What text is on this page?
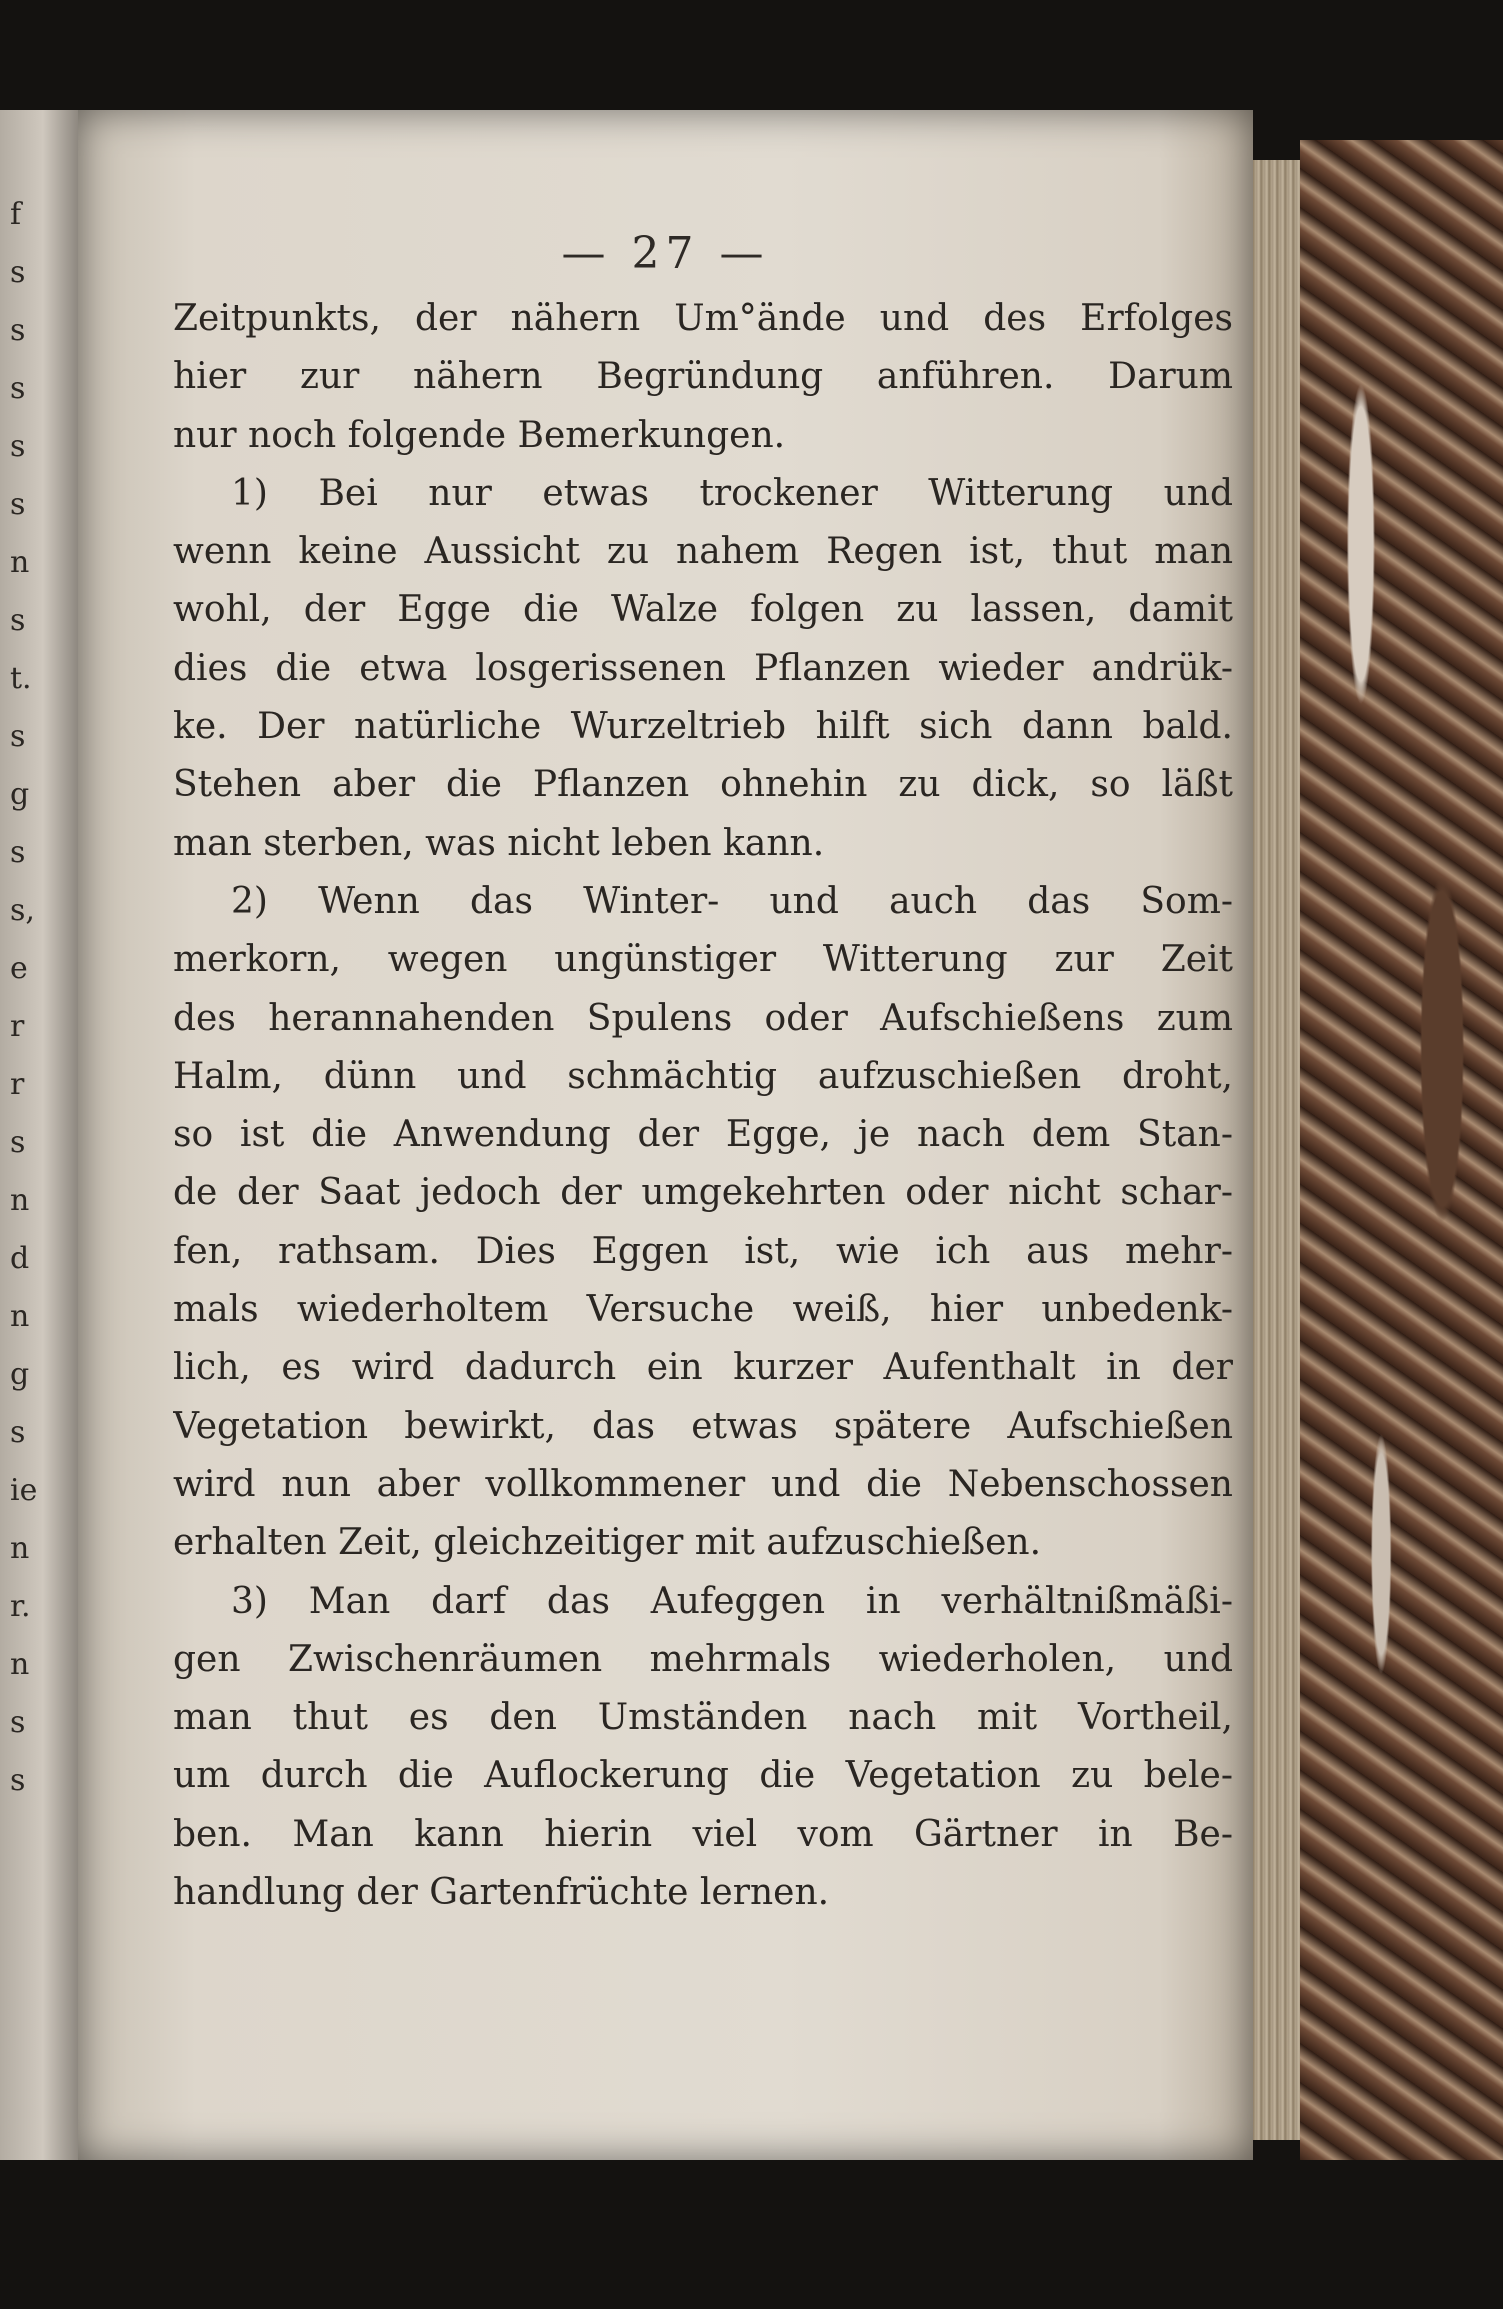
f
s
s
s
s
s
n
s
t.
s
g
s
s,
e
r
r
s
n
d
n
g
s
ie
n
r.
n
s
s
— 27 —
Zeitpunkts, der nähern Um°ände und des Erfolges
hier zur nähern Begründung anführen. Darum
nur noch folgende Bemerkungen.
1) Bei nur etwas trockener Witterung und
wenn keine Aussicht zu nahem Regen ist, thut man
wohl, der Egge die Walze folgen zu lassen, damit
dies die etwa losgerissenen Pflanzen wieder andrük-
ke. Der natürliche Wurzeltrieb hilft sich dann bald.
Stehen aber die Pflanzen ohnehin zu dick, so läßt
man sterben, was nicht leben kann.
2) Wenn das Winter- und auch das Som-
merkorn, wegen ungünstiger Witterung zur Zeit
des herannahenden Spulens oder Aufschießens zum
Halm, dünn und schmächtig aufzuschießen droht,
so ist die Anwendung der Egge, je nach dem Stan-
de der Saat jedoch der umgekehrten oder nicht schar-
fen, rathsam. Dies Eggen ist, wie ich aus mehr-
mals wiederholtem Versuche weiß, hier unbedenk-
lich, es wird dadurch ein kurzer Aufenthalt in der
Vegetation bewirkt, das etwas spätere Aufschießen
wird nun aber vollkommener und die Nebenschossen
erhalten Zeit, gleichzeitiger mit aufzuschießen.
3) Man darf das Aufeggen in verhältnißmäßi-
gen Zwischenräumen mehrmals wiederholen, und
man thut es den Umständen nach mit Vortheil,
um durch die Auflockerung die Vegetation zu bele-
ben. Man kann hierin viel vom Gärtner in Be-
handlung der Gartenfrüchte lernen.
